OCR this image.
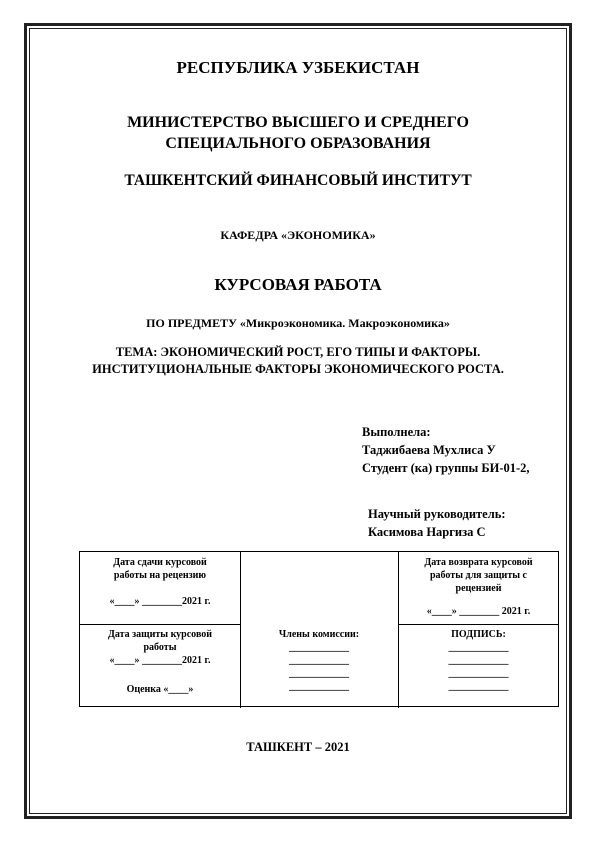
РЕСПУБЛИКА УЗБЕКИСТАН
МИНИСТЕРСТВО ВЫСШЕГО И СРЕДНЕГО
СПЕЦИАЛЬНОГО ОБРАЗОВАНИЯ
ТАШКЕНТСКИЙ ФИНАНСОВЫЙ ИНСТИТУТ
КАФЕДРА «ЭКОНОМИКА»
КУРСОВАЯ РАБОТА
ПО ПРЕДМЕТУ «Микроэкономика. Макроэкономика»
ТЕМА: ЭКОНОМИЧЕСКИЙ РОСТ, ЕГО ТИПЫ И ФАКТОРЫ.
ИНСТИТУЦИОНАЛЬНЫЕ ФАКТОРЫ ЭКОНОМИЧЕСКОГО РОСТА.
Выполнела:
Таджибаева Мухлиса У
Студент (ка) группы БИ-01-2,
Научный руководитель:
Касимова Наргиза С
Дата сдачи курсовой
работы на рецензию
«____» ________2021 г.
Дата возврата курсовой
работы для защиты с
рецензией
«____» ________ 2021 г.
Дата защиты курсовой
работы
«____» ________2021 г.
Оценка «____»
Члены комиссии:
____________
____________
____________
____________
ПОДПИСЬ:
____________
____________
____________
____________
ТАШКЕНТ – 2021
